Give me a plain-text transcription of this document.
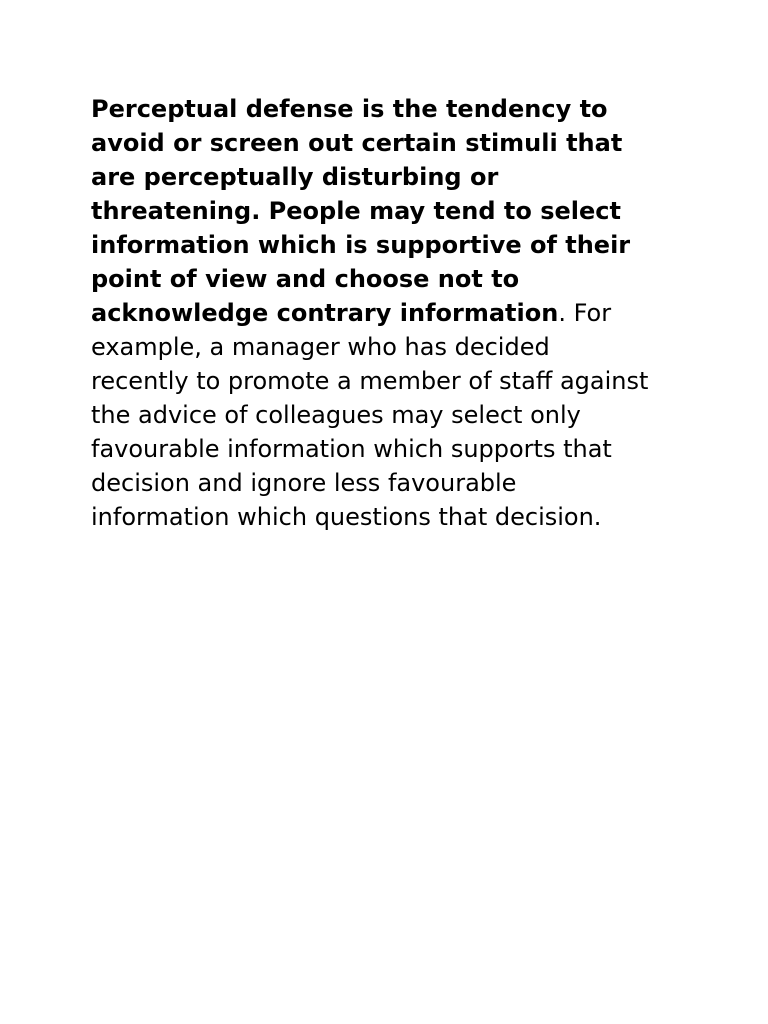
Perceptual defense is the tendency to
avoid or screen out certain stimuli that
are perceptually disturbing or
threatening. People may tend to select
information which is supportive of their
point of view and choose not to
acknowledge contrary information. For
example, a manager who has decided
recently to promote a member of staff against
the advice of colleagues may select only
favourable information which supports that
decision and ignore less favourable
information which questions that decision.
